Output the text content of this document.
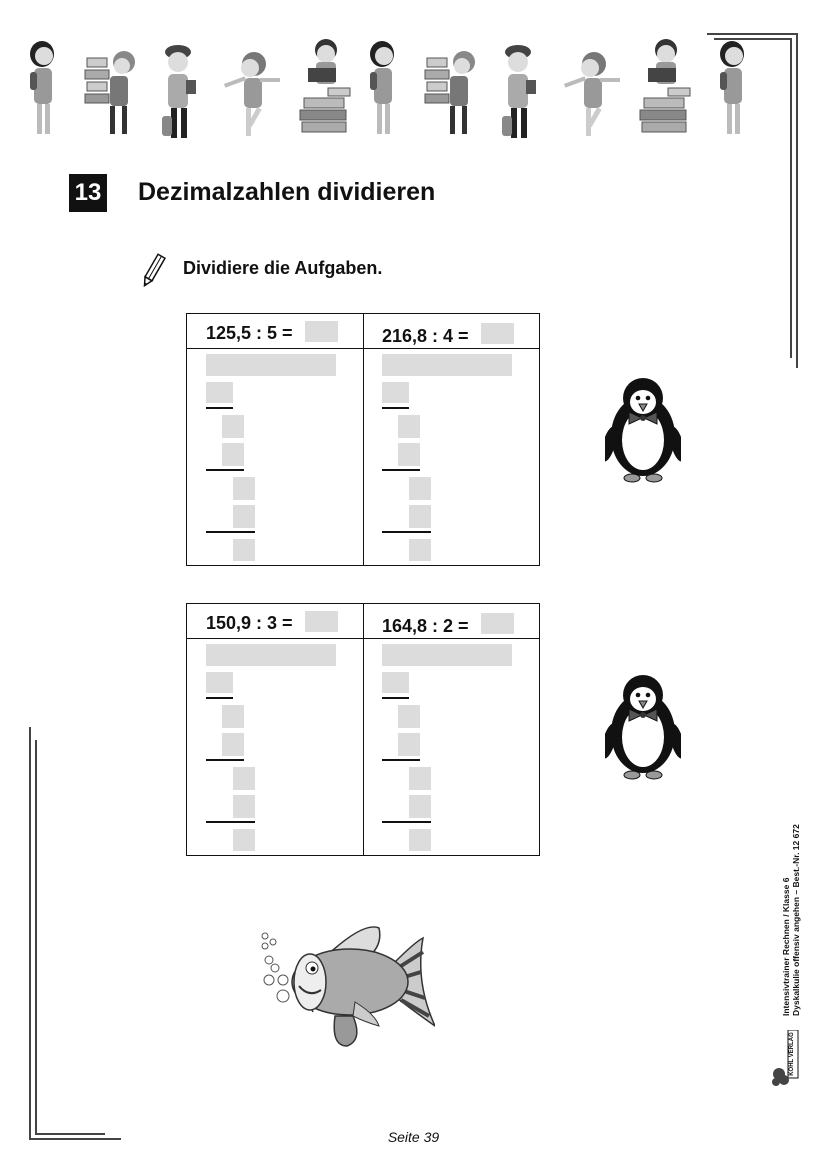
13 Dezimalzahlen dividieren
Dividiere die Aufgaben.
125,5 : 5 =	216,8 : 4 =
150,9 : 3 =	164,8 : 2 =
Intensivtrainer Rechnen / Klasse 6 Dyskalkulie offensiv angehen – Best.-Nr. 12 672
KOHL VERLAG
Seite 39
